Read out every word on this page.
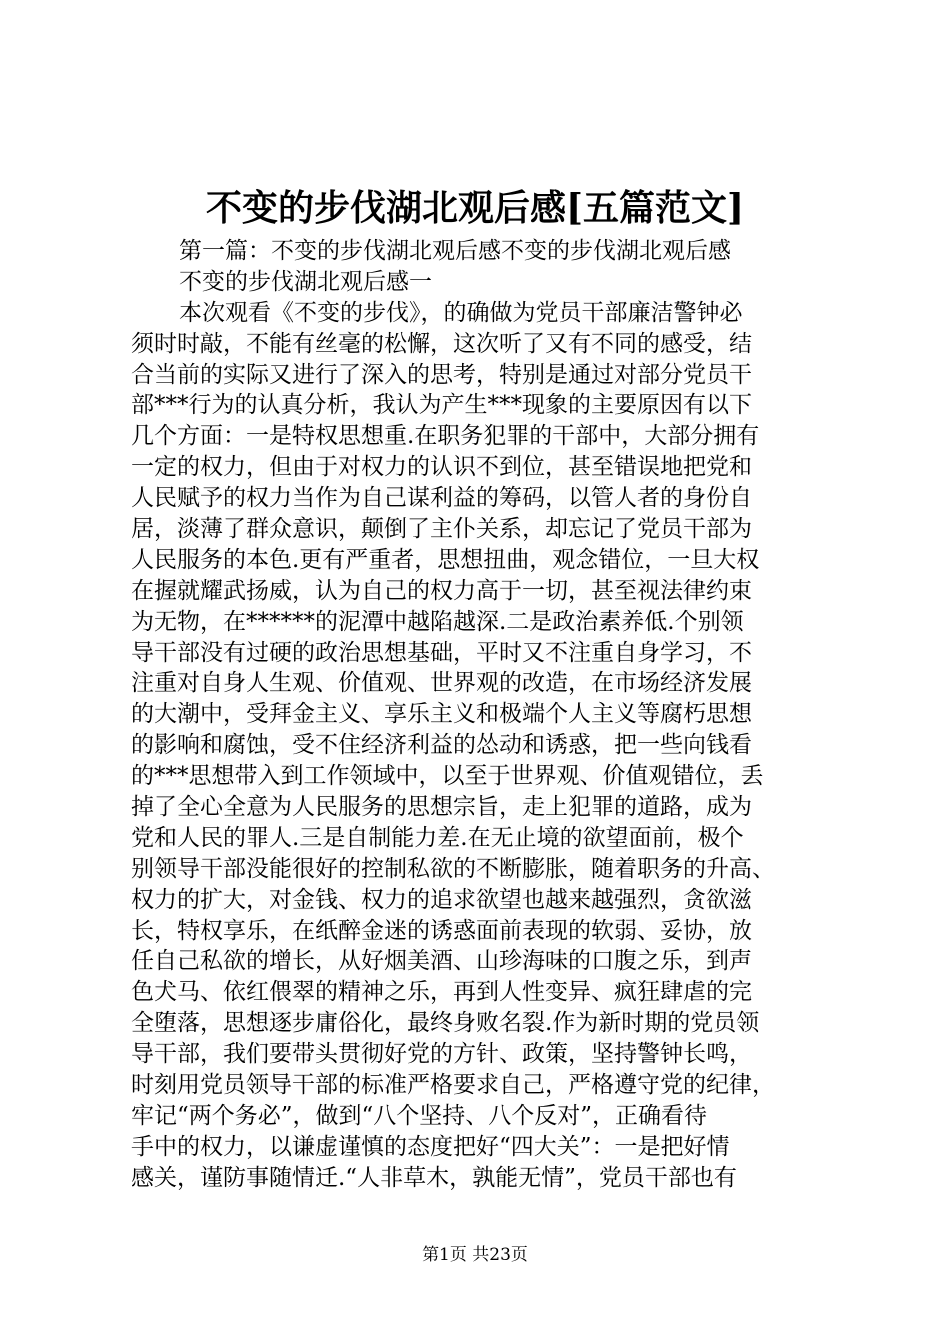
不变的步伐湖北观后感[五篇范文]
第一篇：不变的步伐湖北观后感不变的步伐湖北观后感
不变的步伐湖北观后感一
本次观看《不变的步伐》，的确做为党员干部廉洁警钟必
须时时敲，不能有丝毫的松懈，这次听了又有不同的感受，结
合当前的实际又进行了深入的思考，特别是通过对部分党员干
部***行为的认真分析，我认为产生***现象的主要原因有以下
几个方面：一是特权思想重.在职务犯罪的干部中，大部分拥有
一定的权力，但由于对权力的认识不到位，甚至错误地把党和
人民赋予的权力当作为自己谋利益的筹码，以管人者的身份自
居，淡薄了群众意识，颠倒了主仆关系，却忘记了党员干部为
人民服务的本色.更有严重者，思想扭曲，观念错位，一旦大权
在握就耀武扬威，认为自己的权力高于一切，甚至视法律约束
为无物，在******的泥潭中越陷越深.二是政治素养低.个别领
导干部没有过硬的政治思想基础，平时又不注重自身学习，不
注重对自身人生观、价值观、世界观的改造，在市场经济发展
的大潮中，受拜金主义、享乐主义和极端个人主义等腐朽思想
的影响和腐蚀，受不住经济利益的怂动和诱惑，把一些向钱看
的***思想带入到工作领域中，以至于世界观、价值观错位，丢
掉了全心全意为人民服务的思想宗旨，走上犯罪的道路，成为
党和人民的罪人.三是自制能力差.在无止境的欲望面前，极个
别领导干部没能很好的控制私欲的不断膨胀，随着职务的升高、
权力的扩大，对金钱、权力的追求欲望也越来越强烈，贪欲滋
长，特权享乐，在纸醉金迷的诱惑面前表现的软弱、妥协，放
任自己私欲的增长，从好烟美酒、山珍海味的口腹之乐，到声
色犬马、依红偎翠的精神之乐，再到人性变异、疯狂肆虐的完
全堕落，思想逐步庸俗化，最终身败名裂.作为新时期的党员领
导干部，我们要带头贯彻好党的方针、政策，坚持警钟长鸣，
时刻用党员领导干部的标准严格要求自己，严格遵守党的纪律，
牢记“两个务必”，做到“八个坚持、八个反对”，正确看待
手中的权力，以谦虚谨慎的态度把好“四大关”：一是把好情
感关，谨防事随情迁.“人非草木，孰能无情”，党员干部也有
第1页 共23页
